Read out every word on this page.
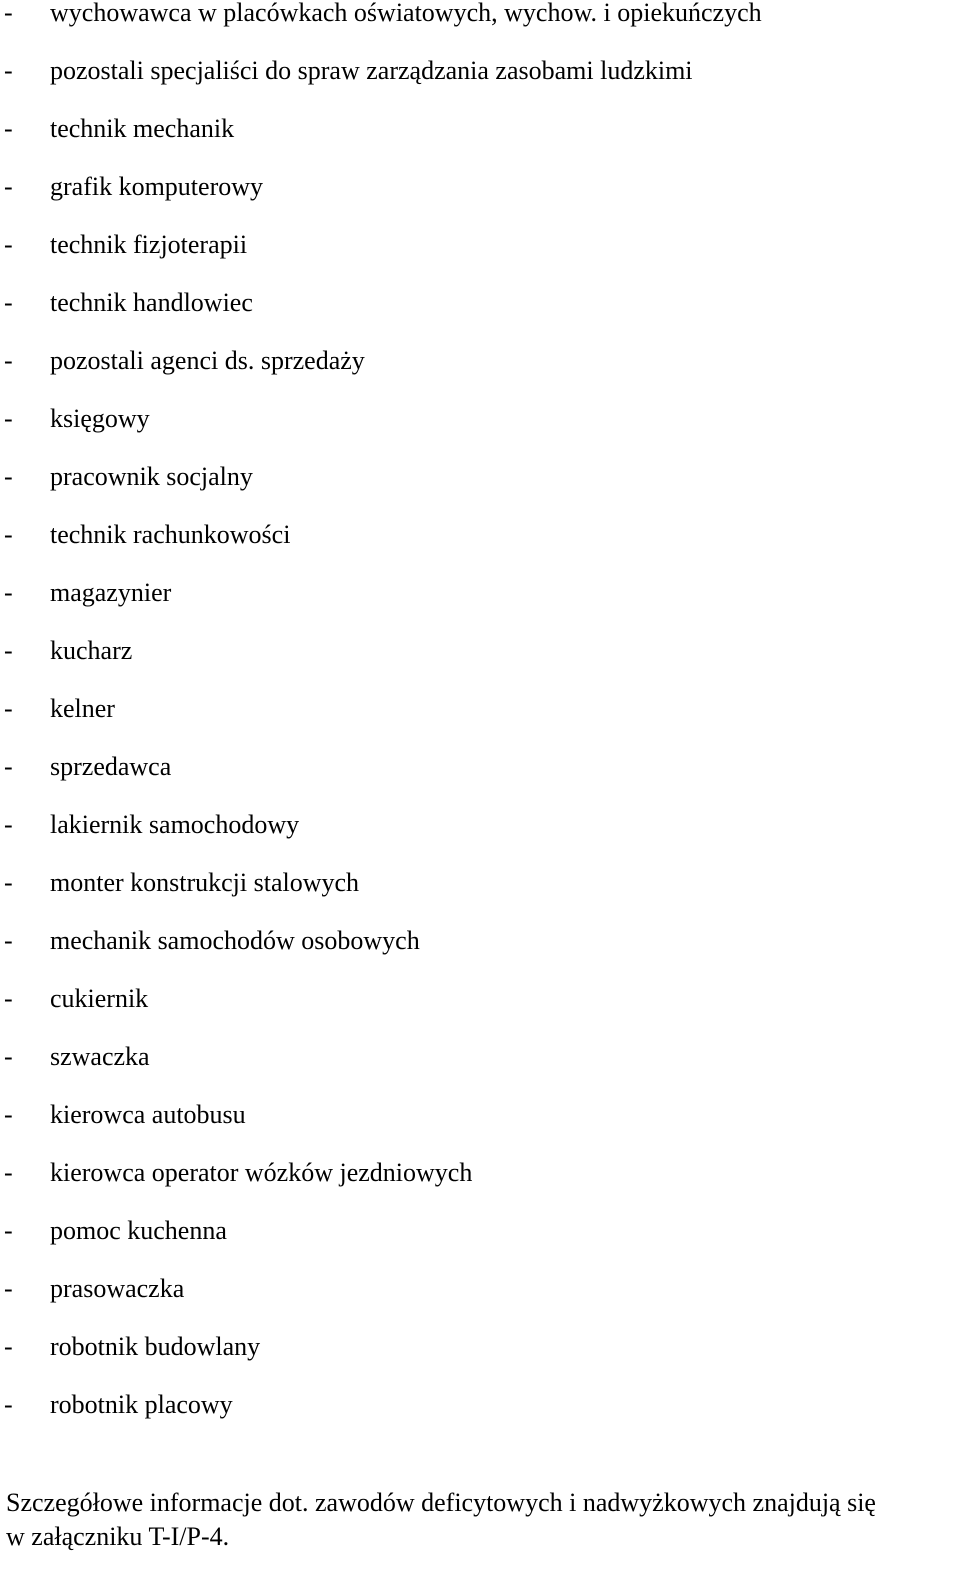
- wychowawca w placówkach oświatowych, wychow. i opiekuńczych
- pozostali specjaliści do spraw zarządzania zasobami ludzkimi
- technik mechanik
- grafik komputerowy
- technik fizjoterapii
- technik handlowiec
- pozostali agenci ds. sprzedaży
- księgowy
- pracownik socjalny
- technik rachunkowości
- magazynier
- kucharz
- kelner
- sprzedawca
- lakiernik samochodowy
- monter konstrukcji stalowych
- mechanik samochodów osobowych
- cukiernik
- szwaczka
- kierowca autobusu
- kierowca operator wózków jezdniowych
- pomoc kuchenna
- prasowaczka
- robotnik budowlany
- robotnik placowy

Szczegółowe informacje dot. zawodów deficytowych i nadwyżkowych znajdują się
w załączniku T-I/P-4.
